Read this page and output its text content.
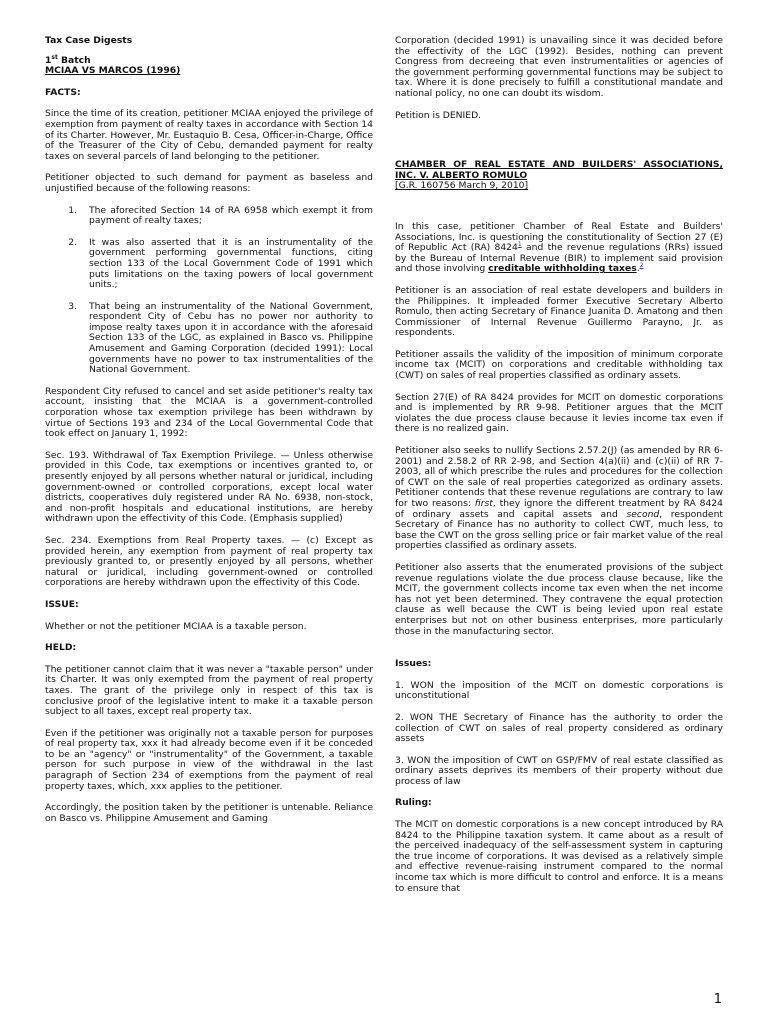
Tax Case Digests

1st Batch

MCIAA VS MARCOS (1996)

FACTS:

Since the time of its creation, petitioner MCIAA enjoyed the privilege of exemption from payment of realty taxes in accordance with Section 14 of its Charter. However, Mr. Eustaquio B. Cesa, Officer-in-Charge, Office of the Treasurer of the City of Cebu, demanded payment for realty taxes on several parcels of land belonging to the petitioner.

Petitioner objected to such demand for payment as baseless and unjustified because of the following reasons:

1.	The aforecited Section 14 of RA 6958 which exempt it from payment of realty taxes;
2.	It was also asserted that it is an instrumentality of the government performing governmental functions, citing section 133 of the Local Government Code of 1991 which puts limitations on the taxing powers of local government units.;
3.	That being an instrumentality of the National Government, respondent City of Cebu has no power nor authority to impose realty taxes upon it in accordance with the aforesaid Section 133 of the LGC, as explained in Basco vs. Philippine Amusement and Gaming Corporation (decided 1991): Local governments have no power to tax instrumentalities of the National Government.

Respondent City refused to cancel and set aside petitioner's realty tax account, insisting that the MCIAA is a government-controlled corporation whose tax exemption privilege has been withdrawn by virtue of Sections 193 and 234 of the Local Governmental Code that took effect on January 1, 1992:

Sec. 193. Withdrawal of Tax Exemption Privilege. — Unless otherwise provided in this Code, tax exemptions or incentives granted to, or presently enjoyed by all persons whether natural or juridical, including government-owned or controlled corporations, except local water districts, cooperatives duly registered under RA No. 6938, non-stock, and non-profit hospitals and educational institutions, are hereby withdrawn upon the effectivity of this Code. (Emphasis supplied)

Sec. 234. Exemptions from Real Property taxes. — (c) Except as provided herein, any exemption from payment of real property tax previously granted to, or presently enjoyed by all persons, whether natural or juridical, including government-owned or controlled corporations are hereby withdrawn upon the effectivity of this Code.

ISSUE:

Whether or not the petitioner MCIAA is a taxable person.

HELD:

The petitioner cannot claim that it was never a "taxable person" under its Charter. It was only exempted from the payment of real property taxes. The grant of the privilege only in respect of this tax is conclusive proof of the legislative intent to make it a taxable person subject to all taxes, except real property tax.

Even if the petitioner was originally not a taxable person for purposes of real property tax, xxx it had already become even if it be conceded to be an "agency" or "instrumentality" of the Government, a taxable person for such purpose in view of the withdrawal in the last paragraph of Section 234 of exemptions from the payment of real property taxes, which, xxx applies to the petitioner.

Accordingly, the position taken by the petitioner is untenable. Reliance on Basco vs. Philippine Amusement and Gaming

Corporation (decided 1991) is unavailing since it was decided before the effectivity of the LGC (1992). Besides, nothing can prevent Congress from decreeing that even instrumentalities or agencies of the government performing governmental functions may be subject to tax. Where it is done precisely to fulfill a constitutional mandate and national policy, no one can doubt its wisdom.

Petition is DENIED.

CHAMBER OF REAL ESTATE AND BUILDERS' ASSOCIATIONS, INC. V. ALBERTO ROMULO

[G.R. 160756 March 9, 2010]

In this case, petitioner Chamber of Real Estate and Builders' Associations, Inc. is questioning the constitutionality of Section 27 (E) of Republic Act (RA) 8424$^1$ and the revenue regulations (RRs) issued by the Bureau of Internal Revenue (BIR) to implement said provision and those involving creditable withholding taxes.$^2$

Petitioner is an association of real estate developers and builders in the Philippines. It impleaded former Executive Secretary Alberto Romulo, then acting Secretary of Finance Juanita D. Amatong and then Commissioner of Internal Revenue Guillermo Parayno, Jr. as respondents.

Petitioner assails the validity of the imposition of minimum corporate income tax (MCIT) on corporations and creditable withholding tax (CWT) on sales of real properties classified as ordinary assets.

Section 27(E) of RA 8424 provides for MCIT on domestic corporations and is implemented by RR 9-98. Petitioner argues that the MCIT violates the due process clause because it levies income tax even if there is no realized gain.

Petitioner also seeks to nullify Sections 2.57.2(J) (as amended by RR 6-2001) and 2.58.2 of RR 2-98, and Section 4(a)(ii) and (c)(ii) of RR 7-2003, all of which prescribe the rules and procedures for the collection of CWT on the sale of real properties categorized as ordinary assets. Petitioner contends that these revenue regulations are contrary to law for two reasons: first, they ignore the different treatment by RA 8424 of ordinary assets and capital assets and second, respondent Secretary of Finance has no authority to collect CWT, much less, to base the CWT on the gross selling price or fair market value of the real properties classified as ordinary assets.

Petitioner also asserts that the enumerated provisions of the subject revenue regulations violate the due process clause because, like the MCIT, the government collects income tax even when the net income has not yet been determined. They contravene the equal protection clause as well because the CWT is being levied upon real estate enterprises but not on other business enterprises, more particularly those in the manufacturing sector.

Issues:

1. WON the imposition of the MCIT on domestic corporations is unconstitutional

2. WON THE Secretary of Finance has the authority to order the collection of CWT on sales of real property considered as ordinary assets

3. WON the imposition of CWT on GSP/FMV of real estate classified as ordinary assets deprives its members of their property without due process of law

Ruling:

The MCIT on domestic corporations is a new concept introduced by RA 8424 to the Philippine taxation system. It came about as a result of the perceived inadequacy of the self-assessment system in capturing the true income of corporations. It was devised as a relatively simple and effective revenue-raising instrument compared to the normal income tax which is more difficult to control and enforce. It is a means to ensure that

1
